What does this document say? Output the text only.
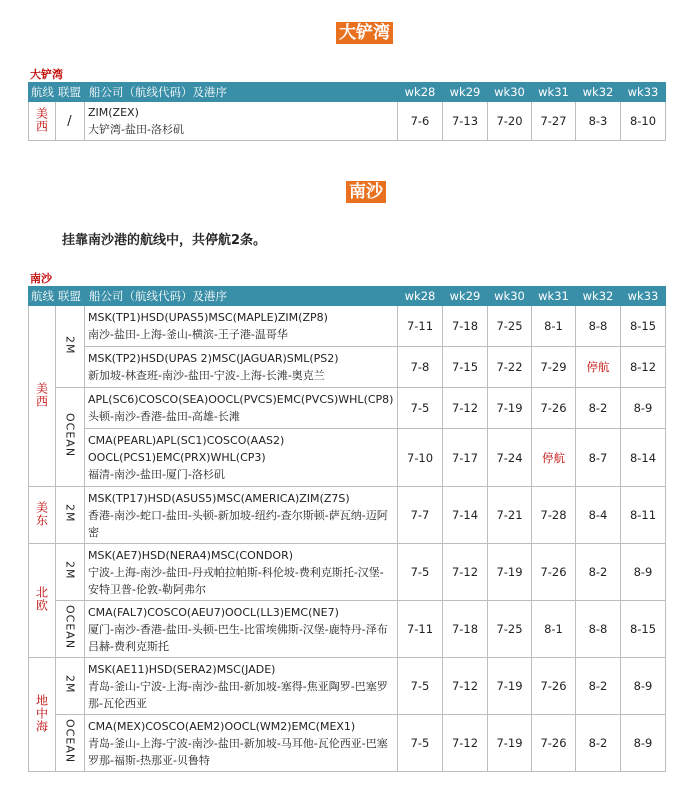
大铲湾
大铲湾
航线	联盟	船公司（航线代码）及港序	wk28	wk29	wk30	wk31	wk32	wk33
美西	/	ZIM(ZEX)
大铲湾-盐田-洛杉矶	7-6	7-13	7-20	7-27	8-3	8-10
南沙
挂靠南沙港的航线中，共停航2条。
南沙
航线	联盟	船公司（航线代码）及港序	wk28	wk29	wk30	wk31	wk32	wk33
美西	2M	MSK(TP1)HSD(UPAS5)MSC(MAPLE)ZIM(ZP8)
南沙-盐田-上海-釜山-横滨-王子港-温哥华	7-11	7-18	7-25	8-1	8-8	8-15

		MSK(TP2)HSD(UPAS 2)MSC(JAGUAR)SML(PS2)
新加坡-林查班-南沙-盐田-宁波-上海-长滩-奥克兰	7-8	7-15	7-22	7-29	停航	8-12
	OCEAN	APL(SC6)COSCO(SEA)OOCL(PVCS)EMC(PVCS)WHL(CP8)
头顿-南沙-香港-盐田-高雄-长滩	7-5	7-12	7-19	7-26	8-2	8-9

		CMA(PEARL)APL(SC1)COSCO(AAS2)
OOCL(PCS1)EMC(PRX)WHL(CP3)
福清-南沙-盐田-厦门-洛杉矶	7-10	7-17	7-24	停航	8-7	8-14
美东	2M	MSK(TP17)HSD(ASUS5)MSC(AMERICA)ZIM(Z7S)
香港-南沙-蛇口-盐田-头顿-新加坡-纽约-查尔斯顿-萨瓦纳-迈阿密	7-7	7-14	7-21	7-28	8-4	8-11
北欧	2M	MSK(AE7)HSD(NERA4)MSC(CONDOR)
宁波-上海-南沙-盐田-丹戎帕拉帕斯-科伦坡-费利克斯托-汉堡-安特卫普-伦敦-勒阿弗尔	7-5	7-12	7-19	7-26	8-2	8-9
	OCEAN	CMA(FAL7)COSCO(AEU7)OOCL(LL3)EMC(NE7)
厦门-南沙-香港-盐田-头顿-巴生-比雷埃佛斯-汉堡-鹿特丹-泽布吕赫-费利克斯托	7-11	7-18	7-25	8-1	8-8	8-15
地中海	2M	MSK(AE11)HSD(SERA2)MSC(JADE)
青岛-釜山-宁波-上海-南沙-盐田-新加坡-塞得-焦亚陶罗-巴塞罗那-瓦伦西亚	7-5	7-12	7-19	7-26	8-2	8-9
	OCEAN	CMA(MEX)COSCO(AEM2)OOCL(WM2)EMC(MEX1)
青岛-釜山-上海-宁波-南沙-盐田-新加坡-马耳他-瓦伦西亚-巴塞罗那-福斯-热那亚-贝鲁特	7-5	7-12	7-19	7-26	8-2	8-9
